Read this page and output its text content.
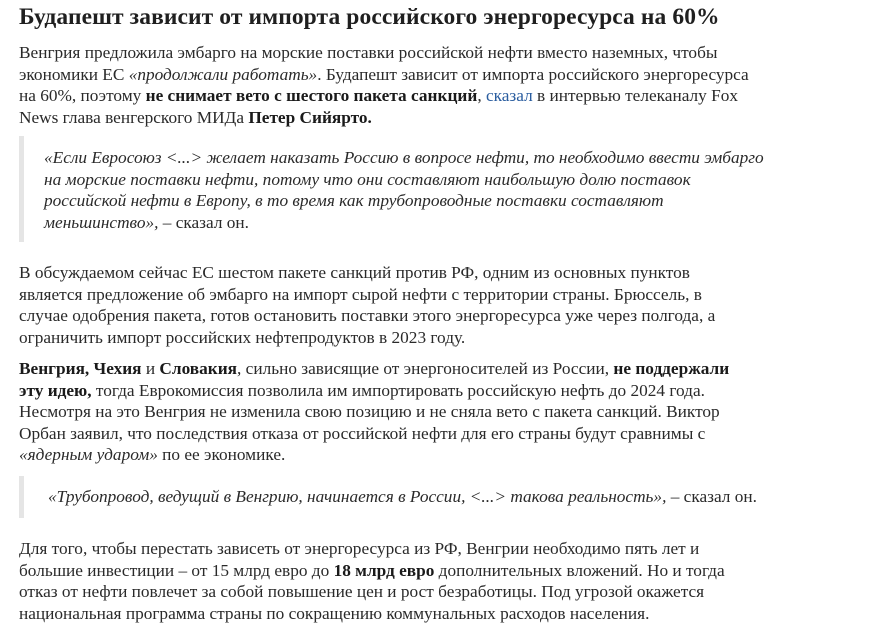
Будапешт зависит от импорта российского энергоресурса на 60%
Венгрия предложила эмбарго на морские поставки российской нефти вместо наземных, чтобы
экономики ЕС «продолжали работать». Будапешт зависит от импорта российского энергоресурса
на 60%, поэтому не снимает вето с шестого пакета санкций, сказал в интервью телеканалу Fox
News глава венгерского МИДа Петер Сийярто.
«Если Евросоюз <...> желает наказать Россию в вопросе нефти, то необходимо ввести эмбарго
на морские поставки нефти, потому что они составляют наибольшую долю поставок
российской нефти в Европу, в то время как трубопроводные поставки составляют
меньшинство», – сказал он.
В обсуждаемом сейчас ЕС шестом пакете санкций против РФ, одним из основных пунктов
является предложение об эмбарго на импорт сырой нефти с территории страны. Брюссель, в
случае одобрения пакета, готов остановить поставки этого энергоресурса уже через полгода, а
ограничить импорт российских нефтепродуктов в 2023 году.
Венгрия, Чехия и Словакия, сильно зависящие от энергоносителей из России, не поддержали
эту идею, тогда Еврокомиссия позволила им импортировать российскую нефть до 2024 года.
Несмотря на это Венгрия не изменила свою позицию и не сняла вето с пакета санкций. Виктор
Орбан заявил, что последствия отказа от российской нефти для его страны будут сравнимы с
«ядерным ударом» по ее экономике.
«Трубопровод, ведущий в Венгрию, начинается в России, <...> такова реальность», – сказал он.
Для того, чтобы перестать зависеть от энергоресурса из РФ, Венгрии необходимо пять лет и
большие инвестиции – от 15 млрд евро до 18 млрд евро дополнительных вложений. Но и тогда
отказ от нефти повлечет за собой повышение цен и рост безработицы. Под угрозой окажется
национальная программа страны по сокращению коммунальных расходов населения.
